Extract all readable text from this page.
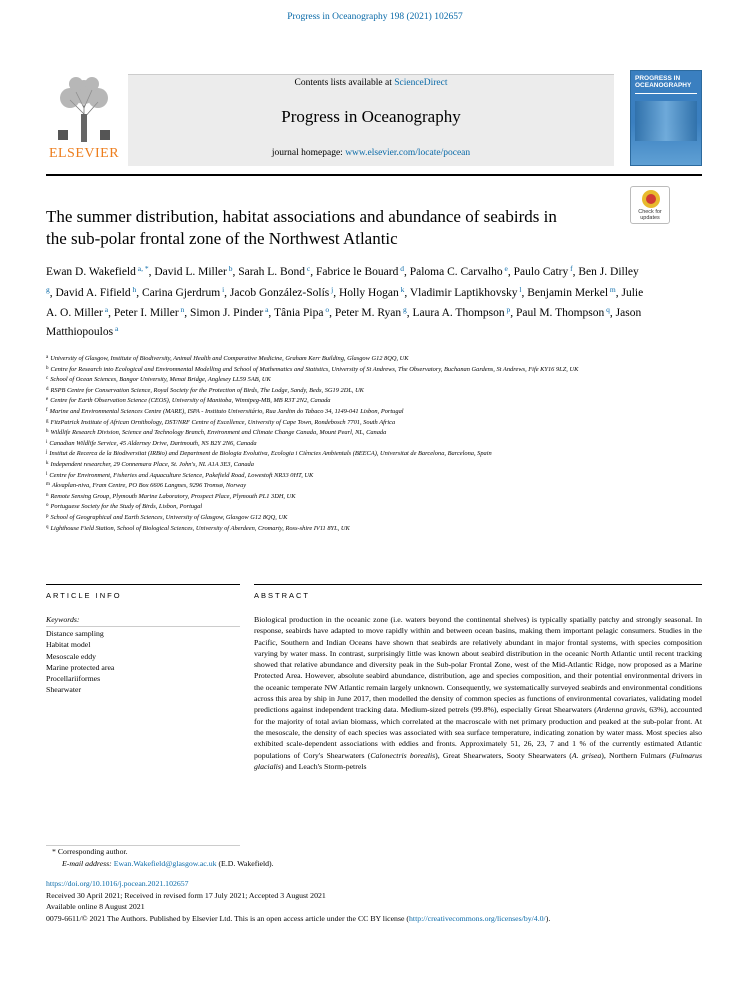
Progress in Oceanography 198 (2021) 102657
ELSEVIER
Contents lists available at ScienceDirect
Progress in Oceanography
journal homepage: www.elsevier.com/locate/pocean
PROGRESS IN OCEANOGRAPHY
Check for
updates
The summer distribution, habitat associations and abundance of seabirds in
the sub-polar frontal zone of the Northwest Atlantic
Ewan D. Wakefield $^{a, *}$, David L. Miller $^b$, Sarah L. Bond $^c$, Fabrice le Bouard $^d$, Paloma C. Carvalho $^e$, Paulo Catry $^f$, Ben J. Dilley $^g$, David A. Fifield $^h$, Carina Gjerdrum $^i$, Jacob González-Solís $^j$, Holly Hogan $^k$, Vladimir Laptikhovsky $^l$, Benjamin Merkel $^m$, Julie A. O. Miller $^a$, Peter I. Miller $^n$, Simon J. Pinder $^a$, Tânia Pipa $^o$, Peter M. Ryan $^g$, Laura A. Thompson $^p$, Paul M. Thompson $^q$, Jason Matthiopoulos $^a$
$^a$ University of Glasgow, Institute of Biodiversity, Animal Health and Comparative Medicine, Graham Kerr Building, Glasgow G12 8QQ, UK
$^b$ Centre for Research into Ecological and Environmental Modelling and School of Mathematics and Statistics, University of St Andrews, The Observatory, Buchanan Gardens, St Andrews, Fife KY16 9LZ, UK
$^c$ School of Ocean Sciences, Bangor University, Menai Bridge, Anglesey LL59 5AB, UK
$^d$ RSPB Centre for Conservation Science, Royal Society for the Protection of Birds, The Lodge, Sandy, Beds, SG19 2DL, UK
$^e$ Centre for Earth Observation Science (CEOS), University of Manitoba, Winnipeg-MB, MB R3T 2N2, Canada
$^f$ Marine and Environmental Sciences Centre (MARE), ISPA - Instituto Universitário, Rua Jardim do Tabaco 34, 1149-041 Lisbon, Portugal
$^g$ FitzPatrick Institute of African Ornithology, DST/NRF Centre of Excellence, University of Cape Town, Rondebosch 7701, South Africa
$^h$ Wildlife Research Division, Science and Technology Branch, Environment and Climate Change Canada, Mount Pearl, NL, Canada
$^i$ Canadian Wildlife Service, 45 Alderney Drive, Dartmouth, NS B2Y 2N6, Canada
$^j$ Institut de Recerca de la Biodiversitat (IRBio) and Department de Biologia Evolutiva, Ecologia i Ciències Ambientals (BEECA), Universitat de Barcelona, Barcelona, Spain
$^k$ Independent researcher, 29 Connemara Place, St. John's, NL A1A 3E3, Canada
$^l$ Centre for Environment, Fisheries and Aquaculture Science, Pakefield Road, Lowestoft NR33 0HT, UK
$^m$ Akvaplan-niva, Fram Centre, PO Box 6606 Langnes, 9296 Tromsø, Norway
$^n$ Remote Sensing Group, Plymouth Marine Laboratory, Prospect Place, Plymouth PL1 3DH, UK
$^o$ Portuguese Society for the Study of Birds, Lisbon, Portugal
$^p$ School of Geographical and Earth Sciences, University of Glasgow, Glasgow G12 8QQ, UK
$^q$ Lighthouse Field Station, School of Biological Sciences, University of Aberdeen, Cromarty, Ross-shire IV11 8YL, UK
ARTICLE INFO	ABSTRACT
Keywords:
Distance sampling
Habitat model
Mesoscale eddy
Marine protected area
Procellariiformes
Shearwater
Biological production in the oceanic zone (i.e. waters beyond the continental shelves) is typically spatially patchy and strongly seasonal. In response, seabirds have adapted to move rapidly within and between ocean basins, making them important pelagic consumers. Studies in the Pacific, Southern and Indian Oceans have shown that seabirds are relatively abundant in major frontal systems, with species composition varying by water mass. In contrast, surprisingly little was known about seabird distribution in the oceanic North Atlantic until recent tracking showed that relative abundance and diversity peak in the Sub-polar Frontal Zone, west of the Mid-Atlantic Ridge, now proposed as a Marine Protected Area. However, absolute seabird abundance, distribution, age and species composition, and their potential environmental drivers in the oceanic temperate NW Atlantic remain largely unknown. Consequently, we systematically surveyed seabirds and environmental conditions across this area by ship in June 2017, then modelled the density of common species as functions of environmental covariates, validating model predictions against independent tracking data. Medium-sized petrels (99.8%), especially Great Shearwaters (Ardenna gravis, 63%), accounted for the majority of total avian biomass, which correlated at the macroscale with net primary production and peaked at the sub-polar front. At the mesoscale, the density of each species was associated with sea surface temperature, indicating zonation by water mass. Most species also exhibited scale-dependent associations with eddies and fronts. Approximately 51, 26, 23, 7 and 1 % of the currently estimated Atlantic populations of Cory's Shearwaters (Calonectris borealis), Great Shearwaters, Sooty Shearwaters (A. grisea), Northern Fulmars (Fulmarus glacialis) and Leach's Storm-petrels
* Corresponding author.
E-mail address: Ewan.Wakefield@glasgow.ac.uk (E.D. Wakefield).
https://doi.org/10.1016/j.pocean.2021.102657
Received 30 April 2021; Received in revised form 17 July 2021; Accepted 3 August 2021
Available online 8 August 2021
0079-6611/© 2021 The Authors. Published by Elsevier Ltd. This is an open access article under the CC BY license (http://creativecommons.org/licenses/by/4.0/).
